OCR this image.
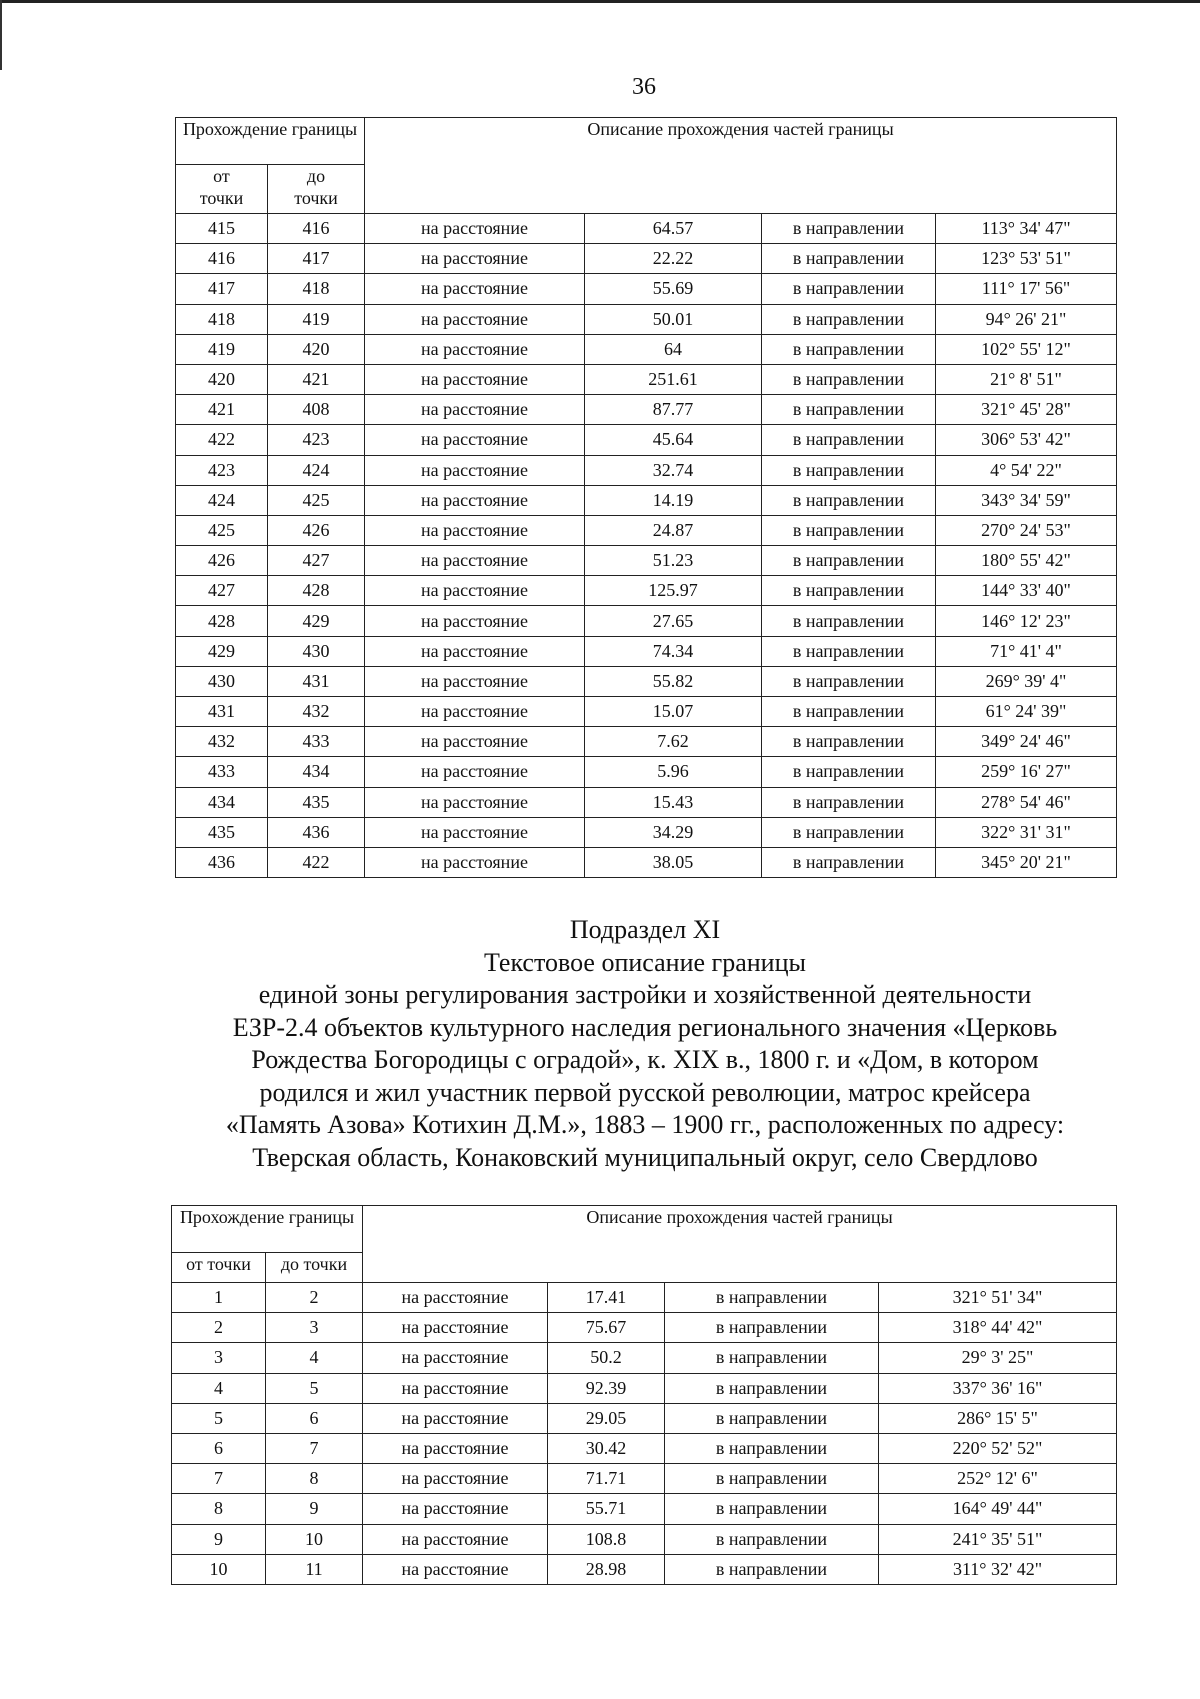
36
Прохождение границы		Описание прохождения частей границы			
от точки	до точки				
415	416	на расстояние	64.57	в направлении	113° 34' 47"
416	417	на расстояние	22.22	в направлении	123° 53' 51"
417	418	на расстояние	55.69	в направлении	111° 17' 56"
418	419	на расстояние	50.01	в направлении	94° 26' 21"
419	420	на расстояние	64	в направлении	102° 55' 12"
420	421	на расстояние	251.61	в направлении	21° 8' 51"
421	408	на расстояние	87.77	в направлении	321° 45' 28"
422	423	на расстояние	45.64	в направлении	306° 53' 42"
423	424	на расстояние	32.74	в направлении	4° 54' 22"
424	425	на расстояние	14.19	в направлении	343° 34' 59"
425	426	на расстояние	24.87	в направлении	270° 24' 53"
426	427	на расстояние	51.23	в направлении	180° 55' 42"
427	428	на расстояние	125.97	в направлении	144° 33' 40"
428	429	на расстояние	27.65	в направлении	146° 12' 23"
429	430	на расстояние	74.34	в направлении	71° 41' 4"
430	431	на расстояние	55.82	в направлении	269° 39' 4"
431	432	на расстояние	15.07	в направлении	61° 24' 39"
432	433	на расстояние	7.62	в направлении	349° 24' 46"
433	434	на расстояние	5.96	в направлении	259° 16' 27"
434	435	на расстояние	15.43	в направлении	278° 54' 46"
435	436	на расстояние	34.29	в направлении	322° 31' 31"
436	422	на расстояние	38.05	в направлении	345° 20' 21"
Подраздел XI
Текстовое описание границы
единой зоны регулирования застройки и хозяйственной деятельности
ЕЗР-2.4 объектов культурного наследия регионального значения «Церковь
Рождества Богородицы с оградой», к. XIX в., 1800 г. и «Дом, в котором
родился и жил участник первой русской революции, матрос крейсера
«Память Азова» Котихин Д.М.», 1883 – 1900 гг., расположенных по адресу:
Тверская область, Конаковский муниципальный округ, село Свердлово
Прохождение границы		Описание прохождения частей границы			
от точки	до точки				
1	2	на расстояние	17.41	в направлении	321° 51' 34"
2	3	на расстояние	75.67	в направлении	318° 44' 42"
3	4	на расстояние	50.2	в направлении	29° 3' 25"
4	5	на расстояние	92.39	в направлении	337° 36' 16"
5	6	на расстояние	29.05	в направлении	286° 15' 5"
6	7	на расстояние	30.42	в направлении	220° 52' 52"
7	8	на расстояние	71.71	в направлении	252° 12' 6"
8	9	на расстояние	55.71	в направлении	164° 49' 44"
9	10	на расстояние	108.8	в направлении	241° 35' 51"
10	11	на расстояние	28.98	в направлении	311° 32' 42"
